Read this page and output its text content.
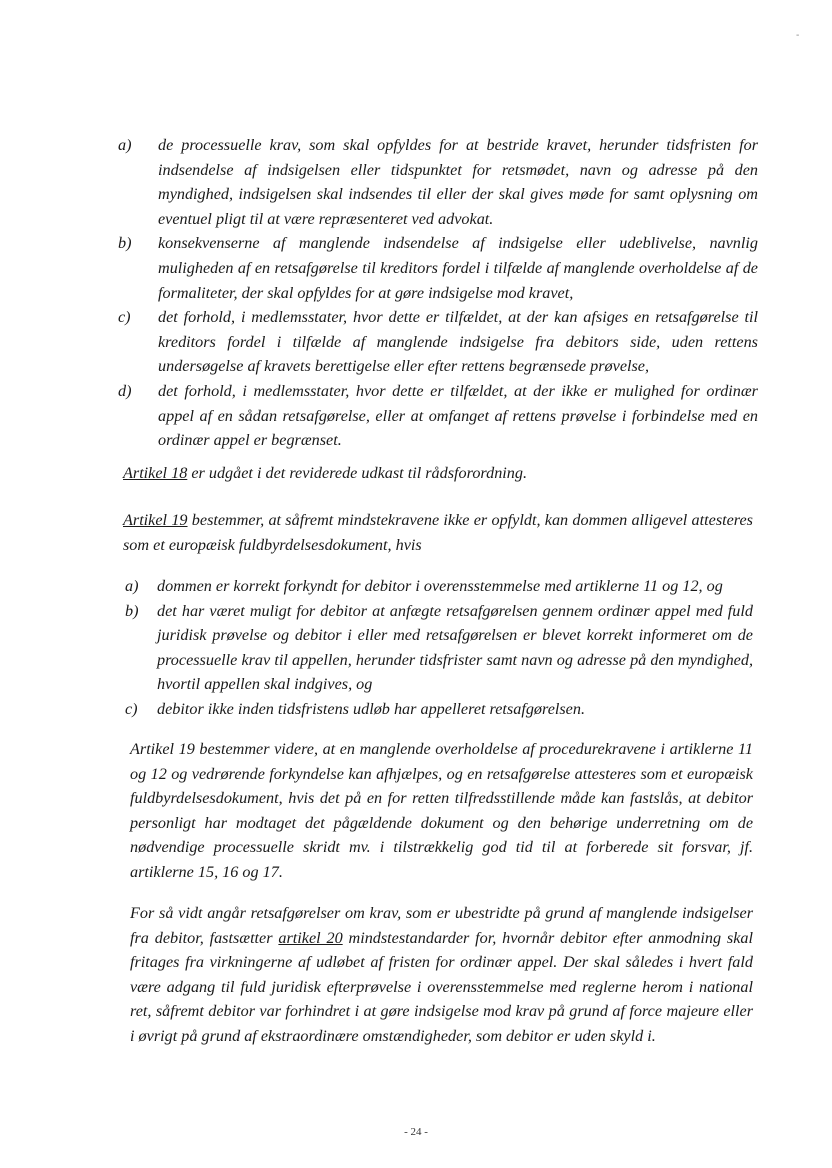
-
a)	de processuelle krav, som skal opfyldes for at bestride kravet, herunder tidsfristen for indsendelse af indsigelsen eller tidspunktet for retsmødet, navn og adresse på den myndighed, indsigelsen skal indsendes til eller der skal gives møde for samt oplysning om eventuel pligt til at være repræsenteret ved advokat.
b)	konsekvenserne af manglende indsendelse af indsigelse eller udeblivelse, navnlig muligheden af en retsafgørelse til kreditors fordel i tilfælde af manglende overholdelse af de formaliteter, der skal opfyldes for at gøre indsigelse mod kravet,
c)	det forhold, i medlemsstater, hvor dette er tilfældet, at der kan afsiges en retsafgørelse til kreditors fordel i tilfælde af manglende indsigelse fra debitors side, uden rettens undersøgelse af kravets berettigelse eller efter rettens begrænsede prøvelse,
d)	det forhold, i medlemsstater, hvor dette er tilfældet, at der ikke er mulighed for ordinær appel af en sådan retsafgørelse, eller at omfanget af rettens prøvelse i forbindelse med en ordinær appel er begrænset.
Artikel 18 er udgået i det reviderede udkast til rådsforordning.
Artikel 19 bestemmer, at såfremt mindstekravene ikke er opfyldt, kan dommen alligevel attesteres som et europæisk fuldbyrdelsesdokument, hvis
a)	dommen er korrekt forkyndt for debitor i overensstemmelse med artiklerne 11 og 12, og
b)	det har været muligt for debitor at anfægte retsafgørelsen gennem ordinær appel med fuld juridisk prøvelse og debitor i eller med retsafgørelsen er blevet korrekt informeret om de processuelle krav til appellen, herunder tidsfrister samt navn og adresse på den myndighed, hvortil appellen skal indgives, og
c)	debitor ikke inden tidsfristens udløb har appelleret retsafgørelsen.
Artikel 19 bestemmer videre, at en manglende overholdelse af procedurekravene i artiklerne 11 og 12 og vedrørende forkyndelse kan afhjælpes, og en retsafgørelse attesteres som et europæisk fuldbyrdelsesdokument, hvis det på en for retten tilfredsstillende måde kan fastslås, at debitor personligt har modtaget det pågældende dokument og den behørige underretning om de nødvendige processuelle skridt mv. i tilstrækkelig god tid til at forberede sit forsvar, jf. artiklerne 15, 16 og 17.
For så vidt angår retsafgørelser om krav, som er ubestridte på grund af manglende indsigelser fra debitor, fastsætter artikel 20 mindstestandarder for, hvornår debitor efter anmodning skal fritages fra virkningerne af udløbet af fristen for ordinær appel. Der skal således i hvert fald være adgang til fuld juridisk efterprøvelse i overensstemmelse med reglerne herom i national ret, såfremt debitor var forhindret i at gøre indsigelse mod krav på grund af force majeure eller i øvrigt på grund af ekstraordinære omstændigheder, som debitor er uden skyld i.
- 24 -
